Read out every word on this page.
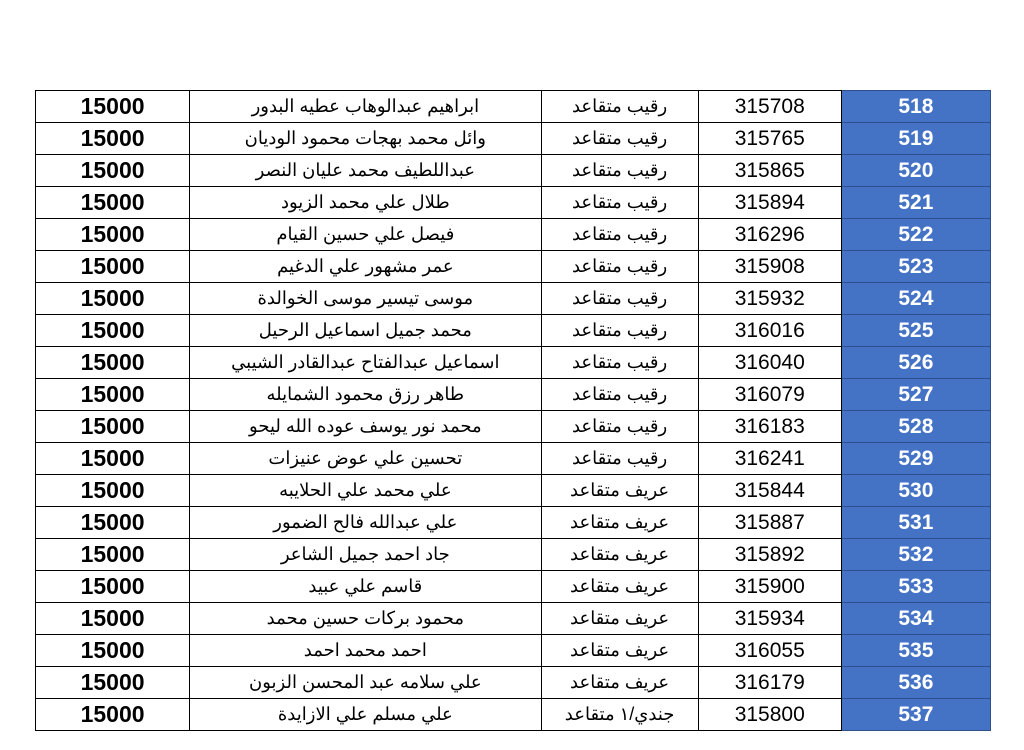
15000	ابراهيم عبدالوهاب عطيه البدور	رقيب متقاعد	315708	518
15000	وائل محمد بهجات محمود الوديان	رقيب متقاعد	315765	519
15000	عبداللطيف محمد عليان النصر	رقيب متقاعد	315865	520
15000	طلال علي محمد الزيود	رقيب متقاعد	315894	521
15000	فيصل علي حسين القيام	رقيب متقاعد	316296	522
15000	عمر مشهور علي الدغيم	رقيب متقاعد	315908	523
15000	موسى تيسير موسى الخوالدة	رقيب متقاعد	315932	524
15000	محمد جميل اسماعيل الرحيل	رقيب متقاعد	316016	525
15000	اسماعيل عبدالفتاح عبدالقادر الشيبي	رقيب متقاعد	316040	526
15000	طاهر رزق محمود الشمايله	رقيب متقاعد	316079	527
15000	محمد نور يوسف عوده الله ليحو	رقيب متقاعد	316183	528
15000	تحسين علي عوض عنيزات	رقيب متقاعد	316241	529
15000	علي محمد علي الحلايبه	عريف متقاعد	315844	530
15000	علي عبدالله فالح الضمور	عريف متقاعد	315887	531
15000	جاد احمد جميل الشاعر	عريف متقاعد	315892	532
15000	قاسم علي عبيد	عريف متقاعد	315900	533
15000	محمود بركات حسين محمد	عريف متقاعد	315934	534
15000	احمد محمد احمد	عريف متقاعد	316055	535
15000	علي سلامه عبد المحسن الزبون	عريف متقاعد	316179	536
15000	علي مسلم علي الازايدة	جندي/١ متقاعد	315800	537
